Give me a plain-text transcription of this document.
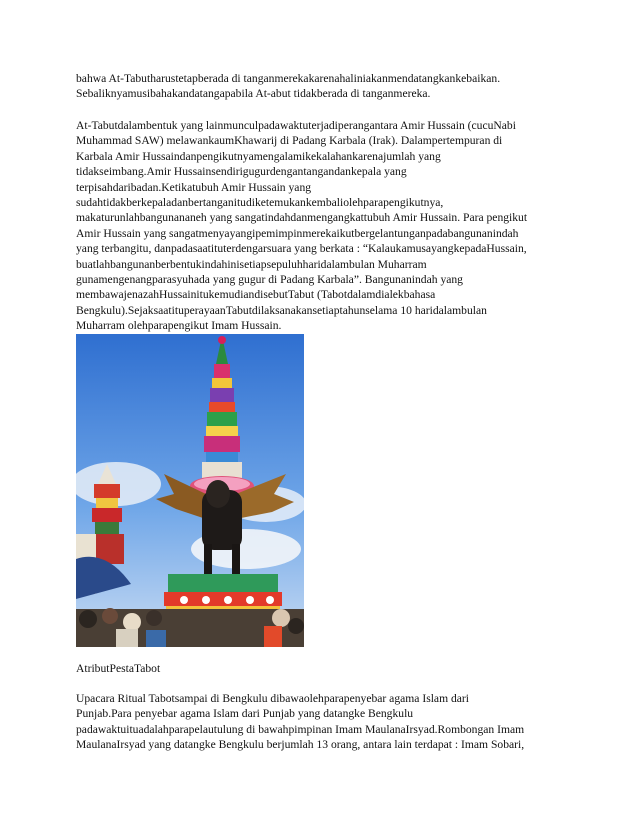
bahwa At-Tabutharustetapberada di tanganmerekakarenahaliniakanmendatangkankebaikan.
Sebaliknyamusibahakandatangapabila At-abut tidakberada di tanganmereka.
At-Tabutdalambentuk yang lainmunculpadawaktuterjadiperangantara Amir Hussain (cucuNabi
Muhammad SAW) melawankaumKhawarij di Padang Karbala (Irak). Dalampertempuran di
Karbala Amir Hussaindanpengikutnyamengalamikekalahankarenajumlah yang
tidakseimbang.Amir Hussainsendirigugurdengantangandankepala yang
terpisahdaribadan.Ketikatubuh Amir Hussain yang
sudahtidakberkepaladanbertanganitudiketemukankembaliolehparapengikutnya,
makaturunlahbangunananeh yang sangatindahdanmengangkattubuh Amir Hussain. Para pengikut
Amir Hussain yang sangatmenyayangipemimpinmerekaikutbergelantunganpadabangunanindah
yang terbangitu, danpadasaatituterdengarsuara yang berkata : “KalaukamusayangkepadaHussain,
buatlahbangunanberbentukindahinisetiapsepuluhharidalambulan Muharram
gunamengenangparasyuhada yang gugur di Padang Karbala”. Bangunanindah yang
membawajenazahHussainitukemudiandisebutTabut (Tabotdalamdialekbahasa
Bengkulu).SejaksaatituperayaanTabutdilaksanakansetiaptahunselama 10 haridalambulan
Muharram olehparapengikut Imam Hussain.
AtributPestaTabot
Upacara Ritual Tabotsampai di Bengkulu dibawaolehparapenyebar agama Islam dari
Punjab.Para penyebar agama Islam dari Punjab yang datangke Bengkulu
padawaktuituadalahparapelautulung di bawahpimpinan Imam MaulanaIrsyad.Rombongan Imam
MaulanaIrsyad yang datangke Bengkulu berjumlah 13 orang, antara lain terdapat : Imam Sobari,
